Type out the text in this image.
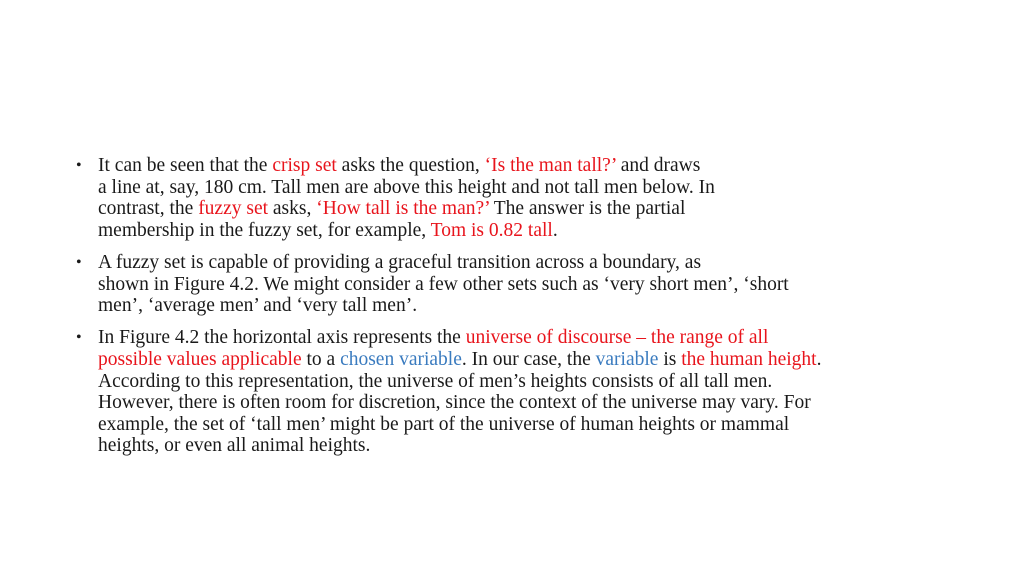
• It can be seen that the crisp set asks the question, ‘Is the man tall?’ and draws
a line at, say, 180 cm. Tall men are above this height and not tall men below. In
contrast, the fuzzy set asks, ‘How tall is the man?’ The answer is the partial
membership in the fuzzy set, for example, Tom is 0.82 tall.
• A fuzzy set is capable of providing a graceful transition across a boundary, as
shown in Figure 4.2. We might consider a few other sets such as ‘very short men’, ‘short
men’, ‘average men’ and ‘very tall men’.
• In Figure 4.2 the horizontal axis represents the universe of discourse – the range of all
possible values applicable to a chosen variable. In our case, the variable is the human height.
According to this representation, the universe of men’s heights consists of all tall men.
However, there is often room for discretion, since the context of the universe may vary. For
example, the set of ‘tall men’ might be part of the universe of human heights or mammal
heights, or even all animal heights.
